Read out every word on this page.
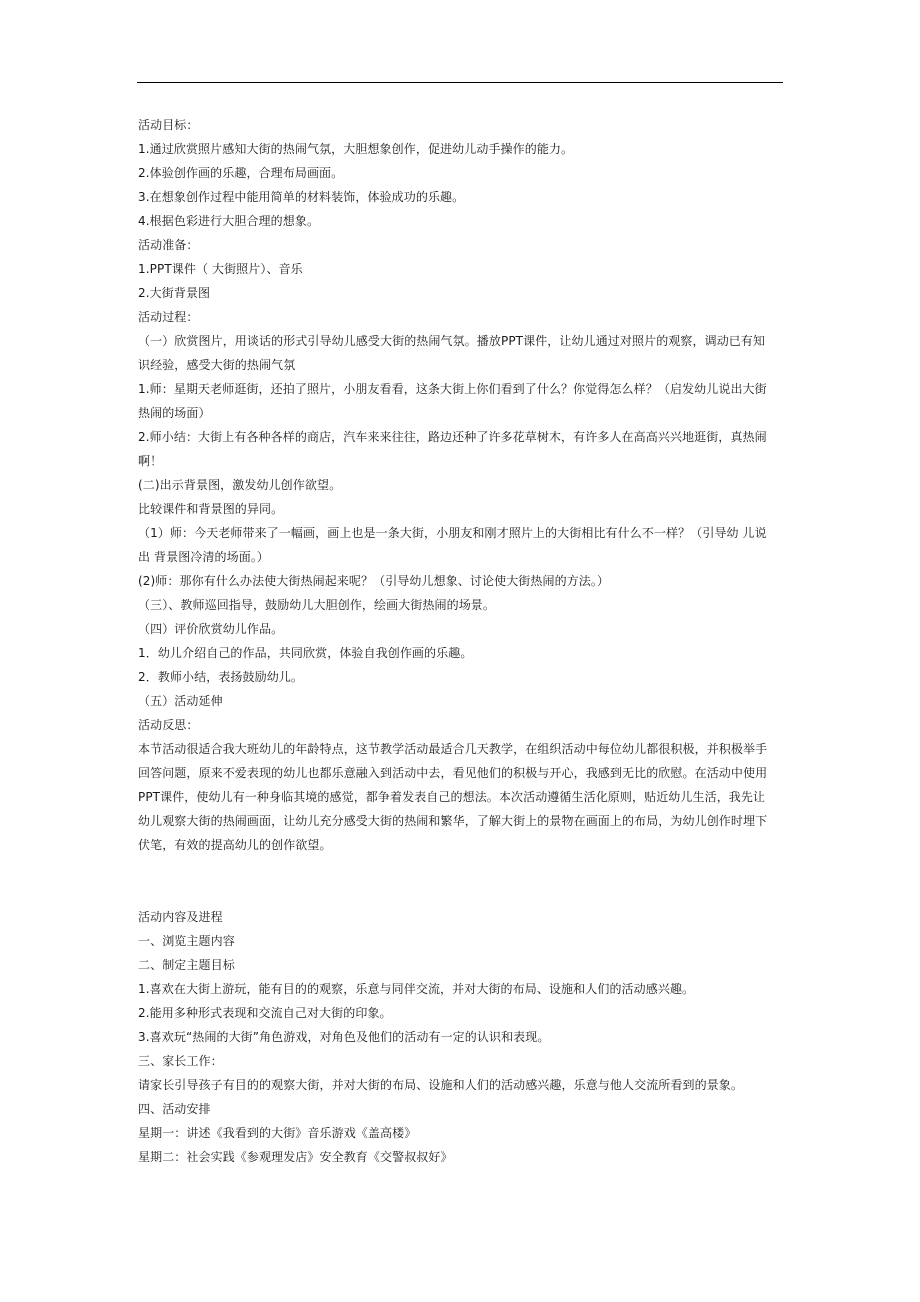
活动目标：

1.通过欣赏照片感知大街的热闹气氛，大胆想象创作，促进幼儿动手操作的能力。

2.体验创作画的乐趣，合理布局画面。

3.在想象创作过程中能用简单的材料装饰，体验成功的乐趣。

4.根据色彩进行大胆合理的想象。

活动准备：

1.PPT课件（ 大街照片）、音乐

2.大街背景图

活动过程：

（一）欣赏图片，用谈话的形式引导幼儿感受大街的热闹气氛。播放PPT课件，让幼儿通过对照片的观察，调动已有知

识经验，感受大街的热闹气氛

1.师：星期天老师逛街，还拍了照片，小朋友看看，这条大街上你们看到了什么？你觉得怎么样？（启发幼儿说出大街

热闹的场面）

2.师小结：大街上有各种各样的商店，汽车来来往往，路边还种了许多花草树木，有许多人在高高兴兴地逛街，真热闹

啊！

(二)出示背景图，激发幼儿创作欲望。

比较课件和背景图的异同。

（1）师：今天老师带来了一幅画，画上也是一条大街，小朋友和刚才照片上的大街相比有什么不一样？（引导幼 儿说

出 背景图冷清的场面。）

(2)师：那你有什么办法使大街热闹起来呢？（引导幼儿想象、讨论使大街热闹的方法。）

（三）、教师巡回指导，鼓励幼儿大胆创作，绘画大街热闹的场景。

（四）评价欣赏幼儿作品。

1．幼儿介绍自己的作品，共同欣赏，体验自我创作画的乐趣。

2．教师小结，表扬鼓励幼儿。

（五）活动延伸

活动反思：

本节活动很适合我大班幼儿的年龄特点，这节教学活动最适合几天教学，在组织活动中每位幼儿都很积极，并积极举手

回答问题，原来不爱表现的幼儿也都乐意融入到活动中去，看见他们的积极与开心，我感到无比的欣慰。在活动中使用

PPT课件，使幼儿有一种身临其境的感觉，都争着发表自己的想法。本次活动遵循生活化原则，贴近幼儿生活，我先让

幼儿观察大街的热闹画面，让幼儿充分感受大街的热闹和繁华，了解大街上的景物在画面上的布局，为幼儿创作时埋下

伏笔，有效的提高幼儿的创作欲望。

活动内容及进程

一、浏览主题内容

二、制定主题目标

1.喜欢在大街上游玩，能有目的的观察，乐意与同伴交流，并对大街的布局、设施和人们的活动感兴趣。

2.能用多种形式表现和交流自己对大街的印象。

3.喜欢玩“热闹的大街”角色游戏，对角色及他们的活动有一定的认识和表现。

三、家长工作：

请家长引导孩子有目的的观察大街，并对大街的布局、设施和人们的活动感兴趣，乐意与他人交流所看到的景象。

四、活动安排

星期一：讲述《我看到的大街》音乐游戏《盖高楼》

星期二：社会实践《参观理发店》安全教育《交警叔叔好》
